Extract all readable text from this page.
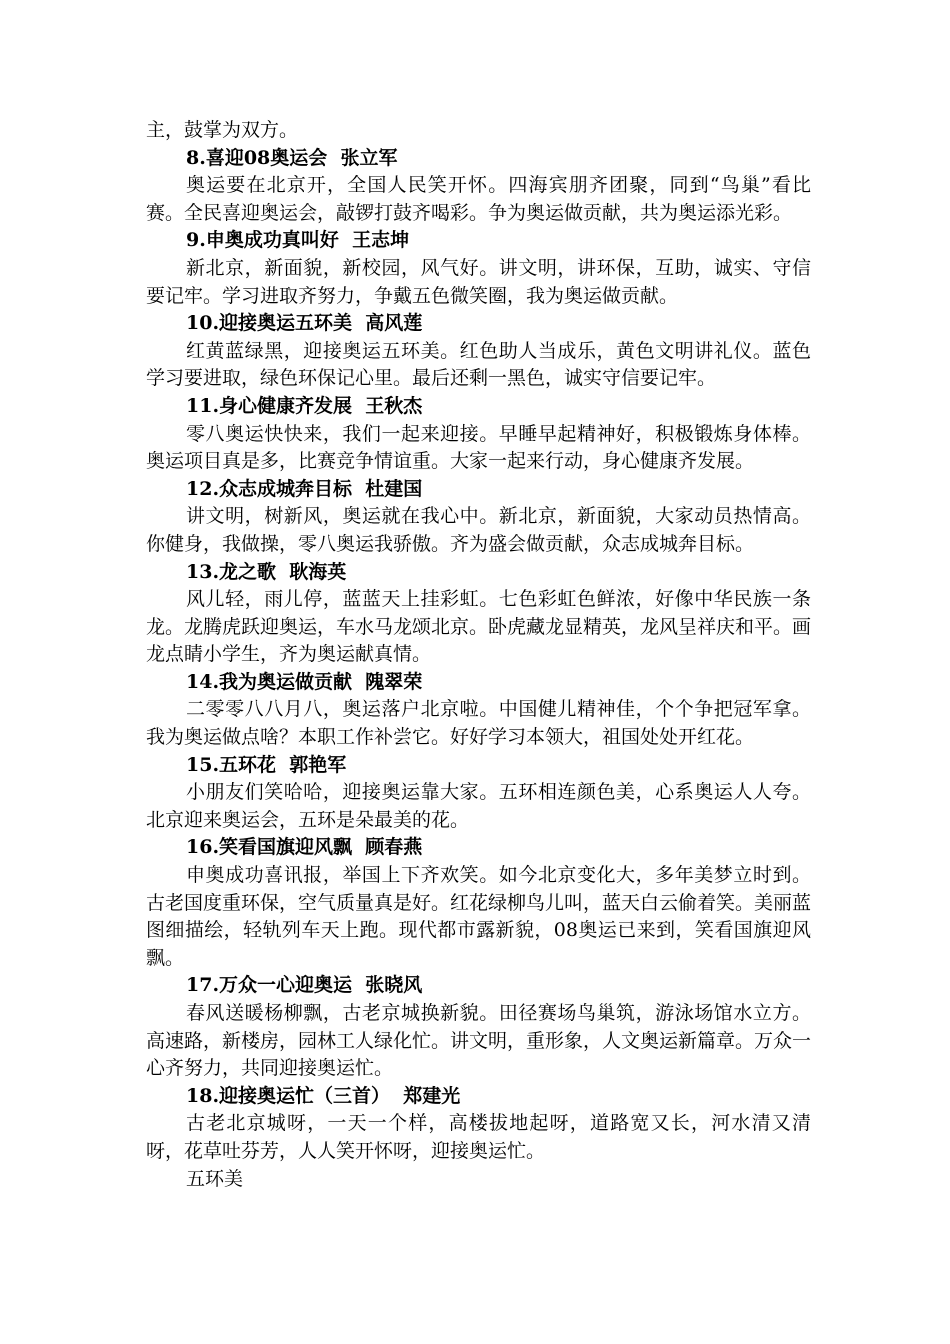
主，鼓掌为双方。

8.喜迎08奥运会  张立军

奥运要在北京开，全国人民笑开怀。四海宾朋齐团聚，同到“鸟巢”看比赛。全民喜迎奥运会，敲锣打鼓齐喝彩。争为奥运做贡献，共为奥运添光彩。

9.申奥成功真叫好  王志坤

新北京，新面貌，新校园，风气好。讲文明，讲环保，互助，诚实、守信要记牢。学习进取齐努力，争戴五色微笑圈，我为奥运做贡献。

10.迎接奥运五环美  高风莲

红黄蓝绿黑，迎接奥运五环美。红色助人当成乐，黄色文明讲礼仪。蓝色学习要进取，绿色环保记心里。最后还剩一黑色，诚实守信要记牢。

11.身心健康齐发展  王秋杰

零八奥运快快来，我们一起来迎接。早睡早起精神好，积极锻炼身体棒。奥运项目真是多，比赛竞争情谊重。大家一起来行动，身心健康齐发展。

12.众志成城奔目标  杜建国

讲文明，树新风，奥运就在我心中。新北京，新面貌，大家动员热情高。你健身，我做操，零八奥运我骄傲。齐为盛会做贡献，众志成城奔目标。

13.龙之歌  耿海英

风儿轻，雨儿停，蓝蓝天上挂彩虹。七色彩虹色鲜浓，好像中华民族一条龙。龙腾虎跃迎奥运，车水马龙颂北京。卧虎藏龙显精英，龙风呈祥庆和平。画龙点睛小学生，齐为奥运献真情。

14.我为奥运做贡献  隗翠荣

二零零八八月八，奥运落户北京啦。中国健儿精神佳，个个争把冠军拿。我为奥运做点啥？本职工作补尝它。好好学习本领大，祖国处处开红花。

15.五环花  郭艳军

小朋友们笑哈哈，迎接奥运靠大家。五环相连颜色美，心系奥运人人夸。北京迎来奥运会，五环是朵最美的花。

16.笑看国旗迎风飘  顾春燕

申奥成功喜讯报，举国上下齐欢笑。如今北京变化大，多年美梦立时到。古老国度重环保，空气质量真是好。红花绿柳鸟儿叫，蓝天白云偷着笑。美丽蓝图细描绘，轻轨列车天上跑。现代都市露新貌，08奥运已来到，笑看国旗迎风飘。

17.万众一心迎奥运  张晓风

春风送暖杨柳飘，古老京城换新貌。田径赛场鸟巢筑，游泳场馆水立方。高速路，新楼房，园林工人绿化忙。讲文明，重形象，人文奥运新篇章。万众一心齐努力，共同迎接奥运忙。

18.迎接奥运忙（三首）  郑建光

古老北京城呀，一天一个样，高楼拔地起呀，道路宽又长，河水清又清呀，花草吐芬芳，人人笑开怀呀，迎接奥运忙。

五环美
